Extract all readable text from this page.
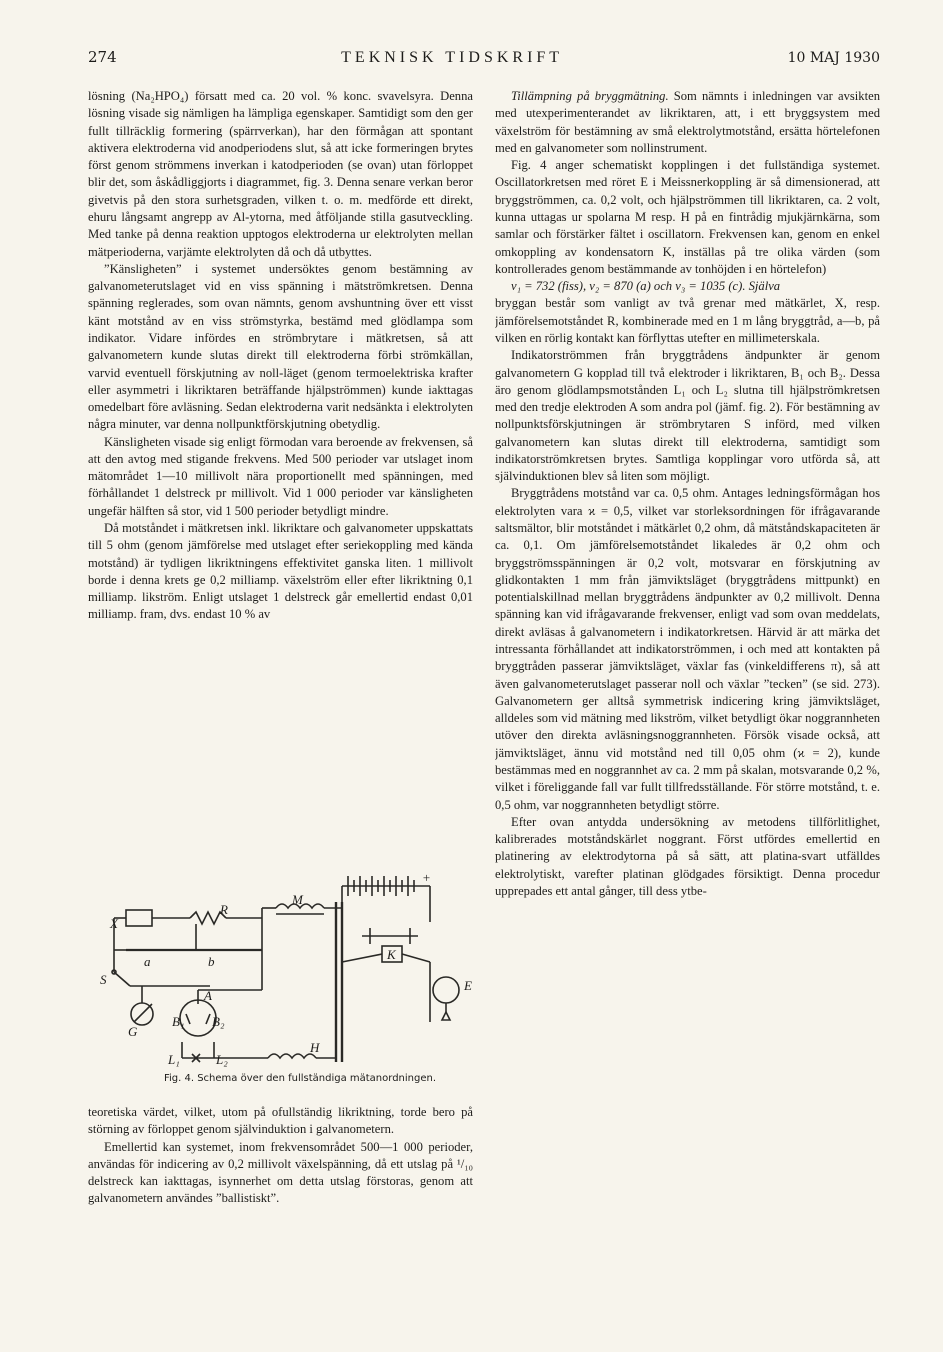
274	TEKNISK TIDSKRIFT	10 MAJ 1930

lösning (Na₂HPO₄) försatt med ca. 20 vol. % konc. svavelsyra. Denna lösning visade sig nämligen ha lämpliga egenskaper. Samtidigt som den ger fullt tillräcklig formering (spärrverkan), har den förmågan att spontant aktivera elektroderna vid anodperiodens slut, så att icke formeringen brytes först genom strömmens inverkan i katodperioden (se ovan) utan förloppet blir det, som åskådliggjorts i diagrammet, fig. 3. Denna senare verkan beror givetvis på den stora surhetsgraden, vilken t. o. m. medförde ett direkt, ehuru långsamt angrepp av Al-ytorna, med åtföljande stilla gasutveckling. Med tanke på denna reaktion upptogos elektroderna ur elektrolyten mellan mätperioderna, varjämte elektrolyten då och då utbyttes.

”Känsligheten” i systemet undersöktes genom bestämning av galvanometerutslaget vid en viss spänning i mätströmkretsen. Denna spänning reglerades, som ovan nämnts, genom avshuntning över ett visst känt motstånd av en viss strömstyrka, bestämd med glödlampa som indikator. Vidare infördes en strömbrytare i mätkretsen, så att galvanometern kunde slutas direkt till elektroderna förbi strömkällan, varvid eventuell förskjutning av noll-läget (genom termoelektriska krafter eller asymmetri i likriktaren beträffande hjälpströmmen) kunde iakttagas omedelbart före avläsning. Sedan elektroderna varit nedsänkta i elektrolyten några minuter, var denna nollpunktförskjutning obetydlig.

Känsligheten visade sig enligt förmodan vara beroende av frekvensen, så att den avtog med stigande frekvens. Med 500 perioder var utslaget inom mätområdet 1—10 millivolt nära proportionellt med spänningen, med förhållandet 1 delstreck pr millivolt. Vid 1 000 perioder var känsligheten ungefär hälften så stor, vid 1 500 perioder betydligt mindre.

Då motståndet i mätkretsen inkl. likriktare och galvanometer uppskattats till 5 ohm (genom jämförelse med utslaget efter seriekoppling med kända motstånd) är tydligen likriktningens effektivitet ganska liten. 1 millivolt borde i denna krets ge 0,2 milliamp. växelström eller efter likriktning 0,1 milliamp. likström. Enligt utslaget 1 delstreck går emellertid endast 0,01 milliamp. fram, dvs. endast 10 % av

X
R
a	b
S
G
A
B₁ B₂
L₁	L₂
M
H
K
E
+
Fig. 4. Schema över den fullständiga mätanordningen.

teoretiska värdet, vilket, utom på ofullständig likriktning, torde bero på störning av förloppet genom självinduktion i galvanometern.

Emellertid kan systemet, inom frekvensområdet 500—1 000 perioder, användas för indicering av 0,2 millivolt växelspänning, då ett utslag på ¹/₁₀ delstreck kan iakttagas, isynnerhet om detta utslag förstoras, genom att galvanometern användes ”ballistiskt”.

Tillämpning på bryggmätning. Som nämnts i inledningen var avsikten med utexperimenterandet av likriktaren, att, i ett bryggsystem med växelström för bestämning av små elektrolytmotstånd, ersätta hörtelefonen med en galvanometer som nollinstrument.

Fig. 4 anger schematiskt kopplingen i det fullständiga systemet. Oscillatorkretsen med röret E i Meissnerkoppling är så dimensionerad, att bryggströmmen, ca. 0,2 volt, och hjälpströmmen till likriktaren, ca. 2 volt, kunna uttagas ur spolarna M resp. H på en fintrådig mjukjärnkärna, som samlar och förstärker fältet i oscillatorn. Frekvensen kan, genom en enkel omkoppling av kondensatorn K, inställas på tre olika värden (som kontrollerades genom bestämmande av tonhöjden i en hörtelefon)

ν₁ = 732 (fiss), ν₂ = 870 (a) och ν₃ = 1035 (c). Själva

bryggan består som vanligt av två grenar med mätkärlet, X, resp. jämförelsemotståndet R, kombinerade med en 1 m lång bryggtråd, a—b, på vilken en rörlig kontakt kan förflyttas utefter en millimeterskala.

Indikatorströmmen från bryggtrådens ändpunkter är genom galvanometern G kopplad till två elektroder i likriktaren, B₁ och B₂. Dessa äro genom glödlampsmotstånden L₁ och L₂ slutna till hjälpströmkretsen med den tredje elektroden A som andra pol (jämf. fig. 2). För bestämning av nollpunktsförskjutningen är strömbrytaren S införd, med vilken galvanometern kan slutas direkt till elektroderna, samtidigt som indikatorströmkretsen brytes. Samtliga kopplingar voro utförda så, att självinduktionen blev så liten som möjligt.

Bryggtrådens motstånd var ca. 0,5 ohm. Antages ledningsförmågan hos elektrolyten vara ϰ = 0,5, vilket var storleksordningen för ifrågavarande saltsmältor, blir motståndet i mätkärlet 0,2 ohm, då mätståndskapaciteten är ca. 0,1. Om jämförelsemotståndet likaledes är 0,2 ohm och bryggströmsspänningen är 0,2 volt, motsvarar en förskjutning av glidkontakten 1 mm från jämviktsläget (bryggtrådens mittpunkt) en potentialskillnad mellan bryggtrådens ändpunkter av 0,2 millivolt. Denna spänning kan vid ifrågavarande frekvenser, enligt vad som ovan meddelats, direkt avläsas å galvanometern i indikatorkretsen. Härvid är att märka det intressanta förhållandet att indikatorströmmen, i och med att kontakten på bryggtråden passerar jämviktsläget, växlar fas (vinkeldifferens π), så att även galvanometerutslaget passerar noll och växlar ”tecken” (se sid. 273). Galvanometern ger alltså symmetrisk indicering kring jämviktsläget, alldeles som vid mätning med likström, vilket betydligt ökar noggrannheten utöver den direkta avläsningsnoggrannheten. Försök visade också, att jämviktsläget, ännu vid motstånd ned till 0,05 ohm (ϰ = 2), kunde bestämmas med en noggrannhet av ca. 2 mm på skalan, motsvarande 0,2 %, vilket i föreliggande fall var fullt tillfredsställande. För större motstånd, t. e. 0,5 ohm, var noggrannheten betydligt större.

Efter ovan antydda undersökning av metodens tillförlitlighet, kalibrerades motståndskärlet noggrant. Först utfördes emellertid en platinering av elektrodytorna på så sätt, att platina-svart utfälldes elektrolytiskt, varefter platinan glödgades försiktigt. Denna procedur upprepades ett antal gånger, till dess ytbe-
